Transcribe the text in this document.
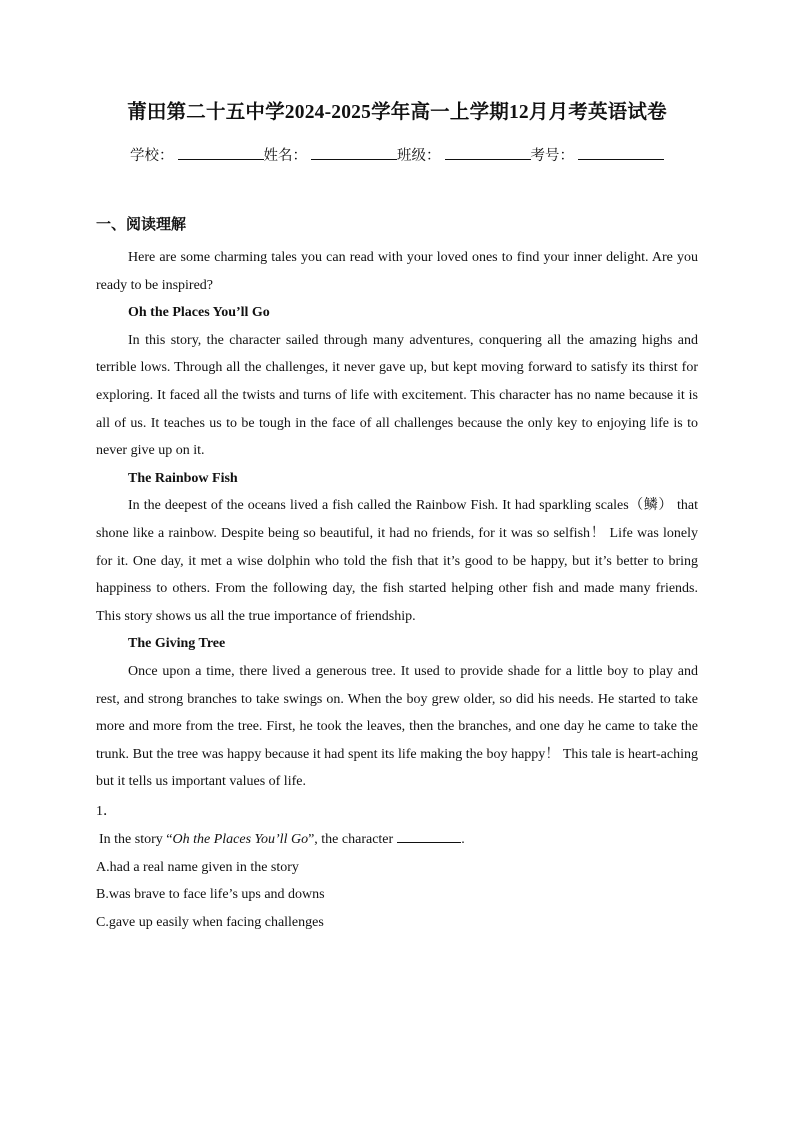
莆田第二十五中学2024-2025学年高一上学期12月月考英语试卷
学校：	姓名：	班级：	考号：
一、阅读理解

Here are some charming tales you can read with your loved ones to find your inner delight. Are you ready to be inspired?

Oh the Places You’ll Go

In this story, the character sailed through many adventures, conquering all the amazing highs and terrible lows. Through all the challenges, it never gave up, but kept moving forward to satisfy its thirst for exploring. It faced all the twists and turns of life with excitement. This character has no name because it is all of us. It teaches us to be tough in the face of all challenges because the only key to enjoying life is to never give up on it.

The Rainbow Fish

In the deepest of the oceans lived a fish called the Rainbow Fish. It had sparkling scales（鳞） that shone like a rainbow. Despite being so beautiful, it had no friends, for it was so selfish！ Life was lonely for it. One day, it met a wise dolphin who told the fish that it’s good to be happy, but it’s better to bring happiness to others. From the following day, the fish started helping other fish and made many friends. This story shows us all the true importance of friendship.

The Giving Tree

Once upon a time, there lived a generous tree. It used to provide shade for a little boy to play and rest, and strong branches to take swings on. When the boy grew older, so did his needs. He started to take more and more from the tree. First, he took the leaves, then the branches, and one day he came to take the trunk. But the tree was happy because it had spent its life making the boy happy！ This tale is heart-aching but it tells us important values of life.

1．
In the story “Oh the Places You’ll Go”, the character	.

A.had a real name given in the story

B.was brave to face life’s ups and downs

C.gave up easily when facing challenges
